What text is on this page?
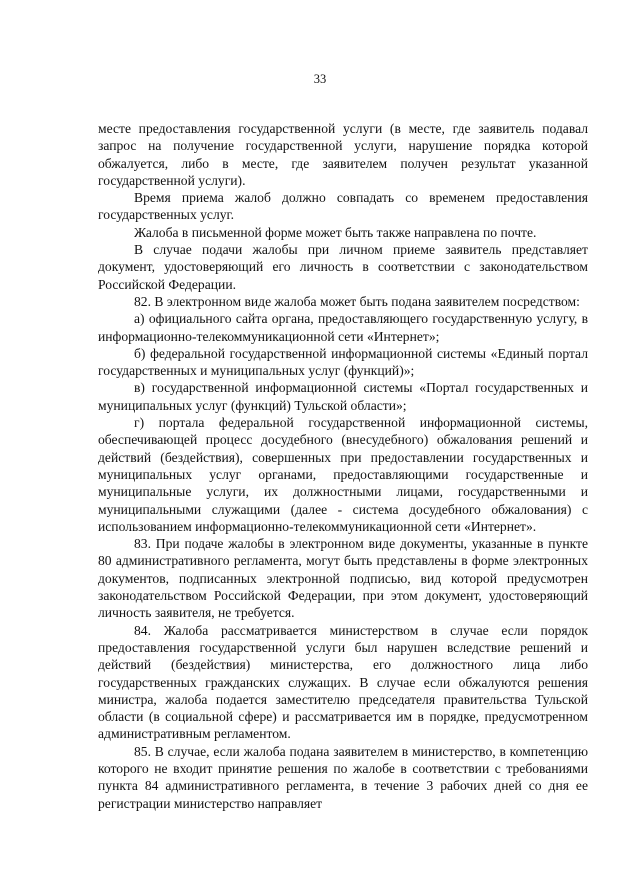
33

месте предоставления государственной услуги (в месте, где заявитель подавал запрос на получение государственной услуги, нарушение порядка которой обжалуется, либо в месте, где заявителем получен результат указанной государственной услуги).

Время приема жалоб должно совпадать со временем предоставления государственных услуг.

Жалоба в письменной форме может быть также направлена по почте.

В случае подачи жалобы при личном приеме заявитель представляет документ, удостоверяющий его личность в соответствии с законодательством Российской Федерации.

82. В электронном виде жалоба может быть подана заявителем посредством:

а) официального сайта органа, предоставляющего государственную услугу, в информационно-телекоммуникационной сети «Интернет»;

б) федеральной государственной информационной системы «Единый портал государственных и муниципальных услуг (функций)»;

в) государственной информационной системы «Портал государственных и муниципальных услуг (функций) Тульской области»;

г) портала федеральной государственной информационной системы, обеспечивающей процесс досудебного (внесудебного) обжалования решений и действий (бездействия), совершенных при предоставлении государственных и муниципальных услуг органами, предоставляющими государственные и муниципальные услуги, их должностными лицами, государственными и муниципальными служащими (далее - система досудебного обжалования) с использованием информационно-телекоммуникационной сети «Интернет».

83. При подаче жалобы в электронном виде документы, указанные в пункте 80 административного регламента, могут быть представлены в форме электронных документов, подписанных электронной подписью, вид которой предусмотрен законодательством Российской Федерации, при этом документ, удостоверяющий личность заявителя, не требуется.

84. Жалоба рассматривается министерством в случае если порядок предоставления государственной услуги был нарушен вследствие решений и действий (бездействия) министерства, его должностного лица либо государственных гражданских служащих. В случае если обжалуются решения министра, жалоба подается заместителю председателя правительства Тульской области (в социальной сфере) и рассматривается им в порядке, предусмотренном административным регламентом.

85. В случае, если жалоба подана заявителем в министерство, в компетенцию которого не входит принятие решения по жалобе в соответствии с требованиями пункта 84 административного регламента, в течение 3 рабочих дней со дня ее регистрации министерство направляет
